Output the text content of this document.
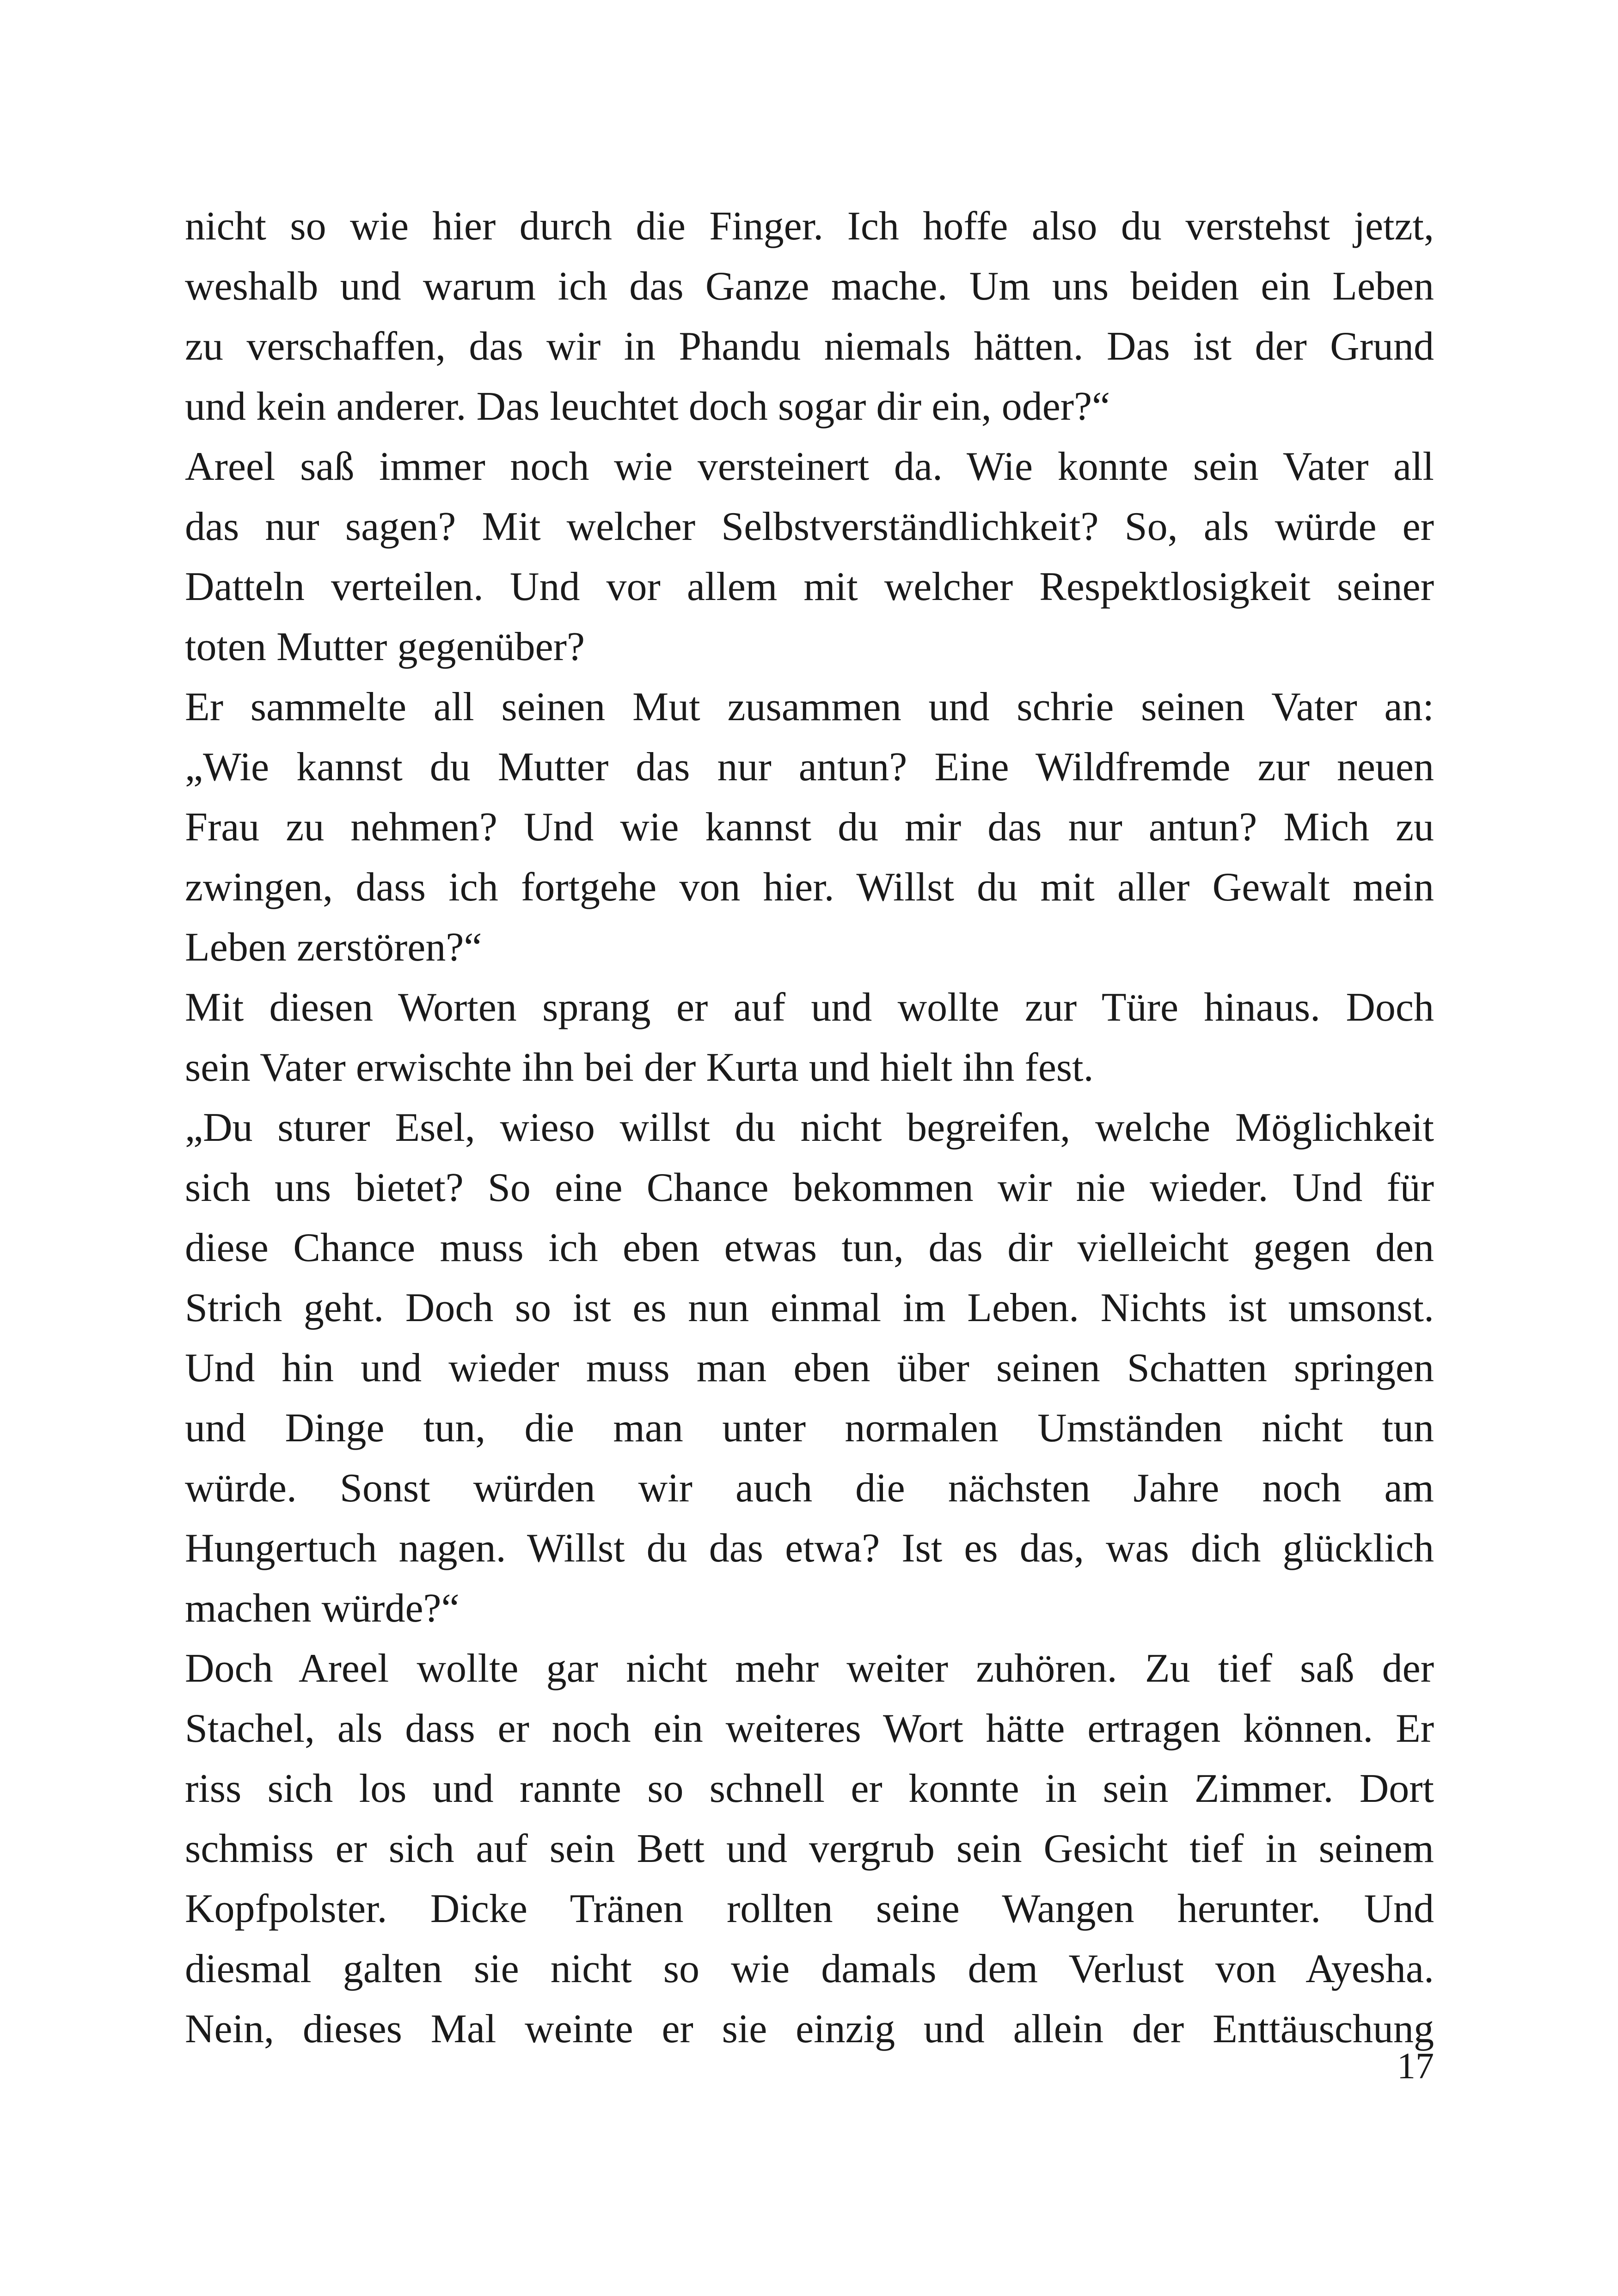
nicht so wie hier durch die Finger. Ich hoffe also du verstehst jetzt,
weshalb und warum ich das Ganze mache. Um uns beiden ein Leben
zu verschaffen, das wir in Phandu niemals hätten. Das ist der Grund
und kein anderer. Das leuchtet doch sogar dir ein, oder?“
Areel saß immer noch wie versteinert da. Wie konnte sein Vater all
das nur sagen? Mit welcher Selbstverständlichkeit? So, als würde er
Datteln verteilen. Und vor allem mit welcher Respektlosigkeit seiner
toten Mutter gegenüber?
Er sammelte all seinen Mut zusammen und schrie seinen Vater an:
„Wie kannst du Mutter das nur antun? Eine Wildfremde zur neuen
Frau zu nehmen? Und wie kannst du mir das nur antun? Mich zu
zwingen, dass ich fortgehe von hier. Willst du mit aller Gewalt mein
Leben zerstören?“
Mit diesen Worten sprang er auf und wollte zur Türe hinaus. Doch
sein Vater erwischte ihn bei der Kurta und hielt ihn fest.
„Du sturer Esel, wieso willst du nicht begreifen, welche Möglichkeit
sich uns bietet? So eine Chance bekommen wir nie wieder. Und für
diese Chance muss ich eben etwas tun, das dir vielleicht gegen den
Strich geht. Doch so ist es nun einmal im Leben. Nichts ist umsonst.
Und hin und wieder muss man eben über seinen Schatten springen
und Dinge tun, die man unter normalen Umständen nicht tun
würde. Sonst würden wir auch die nächsten Jahre noch am
Hungertuch nagen. Willst du das etwa? Ist es das, was dich glücklich
machen würde?“
Doch Areel wollte gar nicht mehr weiter zuhören. Zu tief saß der
Stachel, als dass er noch ein weiteres Wort hätte ertragen können. Er
riss sich los und rannte so schnell er konnte in sein Zimmer. Dort
schmiss er sich auf sein Bett und vergrub sein Gesicht tief in seinem
Kopfpolster. Dicke Tränen rollten seine Wangen herunter. Und
diesmal galten sie nicht so wie damals dem Verlust von Ayesha.
Nein, dieses Mal weinte er sie einzig und allein der Enttäuschung
17
